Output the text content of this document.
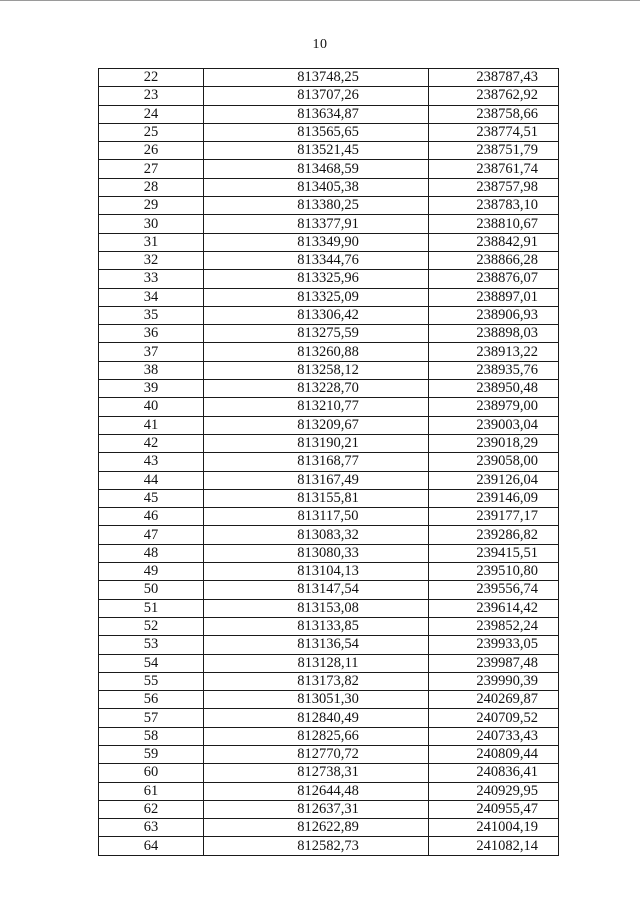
10
22	813748,25	238787,43
23	813707,26	238762,92
24	813634,87	238758,66
25	813565,65	238774,51
26	813521,45	238751,79
27	813468,59	238761,74
28	813405,38	238757,98
29	813380,25	238783,10
30	813377,91	238810,67
31	813349,90	238842,91
32	813344,76	238866,28
33	813325,96	238876,07
34	813325,09	238897,01
35	813306,42	238906,93
36	813275,59	238898,03
37	813260,88	238913,22
38	813258,12	238935,76
39	813228,70	238950,48
40	813210,77	238979,00
41	813209,67	239003,04
42	813190,21	239018,29
43	813168,77	239058,00
44	813167,49	239126,04
45	813155,81	239146,09
46	813117,50	239177,17
47	813083,32	239286,82
48	813080,33	239415,51
49	813104,13	239510,80
50	813147,54	239556,74
51	813153,08	239614,42
52	813133,85	239852,24
53	813136,54	239933,05
54	813128,11	239987,48
55	813173,82	239990,39
56	813051,30	240269,87
57	812840,49	240709,52
58	812825,66	240733,43
59	812770,72	240809,44
60	812738,31	240836,41
61	812644,48	240929,95
62	812637,31	240955,47
63	812622,89	241004,19
64	812582,73	241082,14
